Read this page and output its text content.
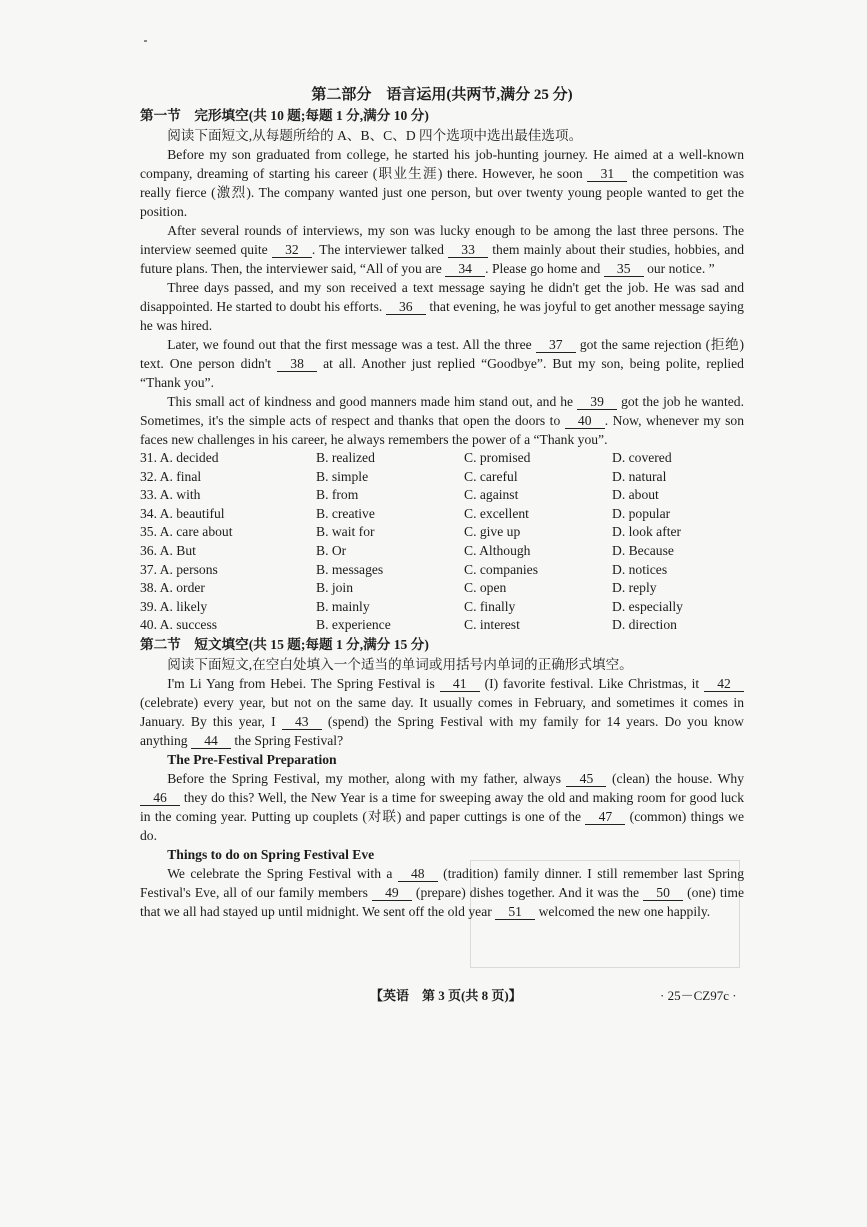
第二部分　语言运用(共两节,满分 25 分)
第一节　完形填空(共 10 题;每题 1 分,满分 10 分)
阅读下面短文,从每题所给的 A、B、C、D 四个选项中选出最佳选项。

Before my son graduated from college, he started his job-hunting journey. He aimed at a well-known company, dreaming of starting his career (职业生涯) there. However, he soon 31 the competition was really fierce (激烈). The company wanted just one person, but over twenty young people wanted to get the position.

After several rounds of interviews, my son was lucky enough to be among the last three persons. The interview seemed quite 32 . The interviewer talked 33 them mainly about their studies, hobbies, and future plans. Then, the interviewer said, “All of you are 34 . Please go home and 35 our notice. ”

Three days passed, and my son received a text message saying he didn't get the job. He was sad and disappointed. He started to doubt his efforts. 36 that evening, he was joyful to get another message saying he was hired.

Later, we found out that the first message was a test. All the three 37 got the same rejection (拒绝) text. One person didn't 38 at all. Another just replied “Goodbye”. But my son, being polite, replied “Thank you”.

This small act of kindness and good manners made him stand out, and he 39 got the job he wanted. Sometimes, it's the simple acts of respect and thanks that open the doors to 40 . Now, whenever my son faces new challenges in his career, he always remembers the power of a “Thank you”.

31. A. decided	B. realized	C. promised	D. covered
32. A. final	B. simple	C. careful	D. natural
33. A. with	B. from	C. against	D. about
34. A. beautiful	B. creative	C. excellent	D. popular
35. A. care about	B. wait for	C. give up	D. look after
36. A. But	B. Or	C. Although	D. Because
37. A. persons	B. messages	C. companies	D. notices
38. A. order	B. join	C. open	D. reply
39. A. likely	B. mainly	C. finally	D. especially
40. A. success	B. experience	C. interest	D. direction
第二节　短文填空(共 15 题;每题 1 分,满分 15 分)
阅读下面短文,在空白处填入一个适当的单词或用括号内单词的正确形式填空。

I'm Li Yang from Hebei. The Spring Festival is 41 (I) favorite festival. Like Christmas, it 42 (celebrate) every year, but not on the same day. It usually comes in February, and sometimes it comes in January. By this year, I 43 (spend) the Spring Festival with my family for 14 years. Do you know anything 44 the Spring Festival?

The Pre-Festival Preparation

Before the Spring Festival, my mother, along with my father, always 45 (clean) the house. Why 46 they do this? Well, the New Year is a time for sweeping away the old and making room for good luck in the coming year. Putting up couplets (对联) and paper cuttings is one of the 47 (common) things we do.

Things to do on Spring Festival Eve

We celebrate the Spring Festival with a 48 (tradition) family dinner. I still remember last Spring Festival's Eve, all of our family members 49 (prepare) dishes together. And it was the 50 (one) time that we all had stayed up until midnight. We sent off the old year 51 welcomed the new one happily.

【英语　第 3 页(共 8 页)】	· 25－CZ97c ·
